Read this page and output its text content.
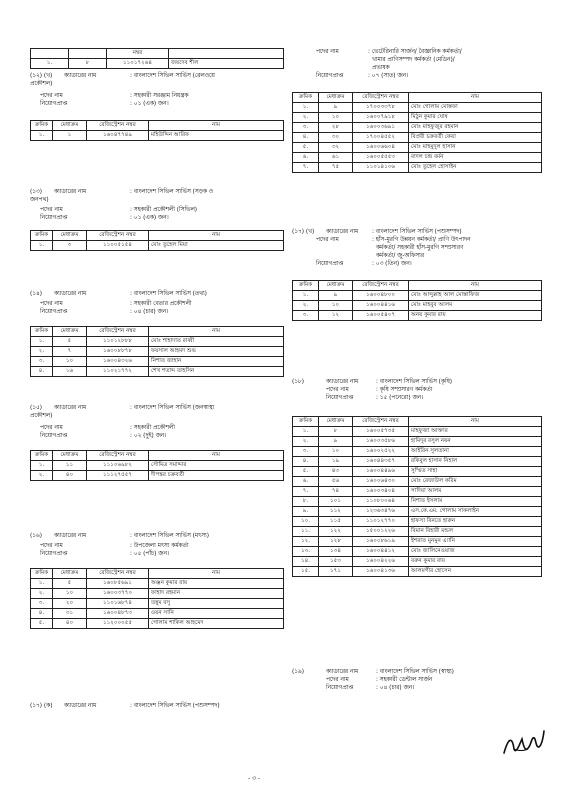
		নম্বর	
১.	৮	১১০১৭২৬৪	জয়দেব শীল
(১২) (খ) ক্যাডারের নাম	: বাংলাদেশ সিভিল সার্ভিস (রেলওয়ে
প্রকৌশল)
পদের নাম	: সহকারী সরঞ্জাম নিয়ন্ত্রক
নিয়োগপ্রাপ্ত	: ০১ (এক) জন।
ক্রমিক	মেধাক্রম	রেজিস্ট্রেশন নম্বর	নাম
১.	১	১৬০৪৭৭৪৯	মহিউদ্দিন আরিফ
(১৩) ক্যাডারের নাম	: বাংলাদেশ সিভিল সার্ভিস (সড়ক ও
জনপথ)
পদের নাম	: সহকারী প্রকৌশলী (সিভিল)
নিয়োগপ্রাপ্ত	: ০১ (এক) জন।
ক্রমিক	মেধাক্রম	রেজিস্ট্রেশন নম্বর	নাম
১.	৩	১১০০৫১৫৪	মোঃ তুহেল মিয়া
(১৪) ক্যাডারের নাম	: বাংলাদেশ সিভিল সার্ভিস (তথ্য)
পদের নাম	: সহকারী বেতার প্রকৌশলী
নিয়োগপ্রাপ্ত	: ০৪ (চার) জন।
ক্রমিক	মেধাক্রম	রেজিস্ট্রেশন নম্বর	নাম
১.	৫	১১০১২৮৮৮	মোঃ শাহাদাত রাব্বী
২.	৭	১৬০০৮৮৭৮	ফয়সাল আহমদ শুভ
৩.	১০	১৬০০৪৩২৬	নিশাত জাহান
৪.	১৬	১১০২১৭৭২	শেখ শতাব্দ তাহসিন
(১৫) ক্যাডারের নাম	: বাংলাদেশ সিভিল সার্ভিস (জনস্বাস্থ্য
প্রকৌশল)
পদের নাম	: সহকারী প্রকৌশলী
নিয়োগপ্রাপ্ত	: ০২ (দুই) জন।
ক্রমিক	মেধাক্রম	রেজিস্ট্রেশন নম্বর	নাম
১.	১১	১১১০৬৯৮২	সৌমিত্র সমাদ্দার
২.	৪০	১১১২৭৫৫৭	দীপঙ্কর চক্রবর্তী
(১৬) ক্যাডারের নাম	: বাংলাদেশ সিভিল সার্ভিস (মৎস্য)
পদের নাম	: উপজেলা মৎস্য কর্মকর্তা
নিয়োগপ্রাপ্ত	: ০৫ (পাঁচ) জন।
ক্রমিক	মেধাক্রম	রেজিস্ট্রেশন নম্বর	নাম
১.	৫	১৬০৮৫৬৯১	অঞ্জন কুমার রায়
২.	১০	১৬০০৩৭৭০	ফাহাদ রহমান
৩.	২০	১১০১৬৮৭৪	তন্নুম বসু
৪.	৩১	১৬০০৪৮৭৩	ওয়ন সানি
৫.	৪০	১১২০০০৫৫	গোলাম শাকিল আহমেদ
(১৭) (ক) ক্যাডারের নাম	: বাংলাদেশ সিভিল সার্ভিস (পশুসম্পদ)
পদের নাম	: ভেটেরিনারি সার্জন/ বৈজ্ঞানিক কর্মকর্তা/
খামার প্রাণিসম্পদ কর্মকর্তা (মেডিন)/
প্রভাষক
নিয়োগপ্রাপ্ত	: ০৭ (সাত) জন।
ক্রমিক	মেধাক্রম	রেজিস্ট্রেশন নম্বর	নাম
১.	৯	১৭০০৩৩৭৮	মোঃ গোলাম মোস্তফা
২.	১০	১৬০০৭৯১৮	মিঠুন কুমার ঘোষ
৩.	২৮	১৬০০৩৬৯১	মোঃ মাহফুজুর রহমান
৪.	৩০	১৭০০৪৫৫২	বিপ্রবী চক্রবর্তী কেয়া
৫.	৩২	১৬০০৬৬০৪	মোঃ মাহমুদুল হাসান
৬.	৬১	১৬০০৫৫৫৩	বাদল চন্দ্র বর্মন
৭.	৭৫	১১০১৪১০৬	মোঃ তুহেল হোসাইন
(১৭) (খ) ক্যাডারের নাম : বাংলাদেশ সিভিল সার্ভিস (পশুসম্পদ)
পদের নাম	: হাঁস-মুরগি উন্নয়ন কর্মকর্তা/ প্রাণি উৎপাদন
কর্মকর্তা/ সহকারী হাঁস-মুরগি সম্প্রসারণ
কর্মকর্তা/ জু-অফিসার
নিয়োগপ্রাপ্ত	: ০৩ (তিন) জন।
ক্রমিক	মেধাক্রম	রেজিস্ট্রেশন নম্বর	নাম
১.	৯	১৬০০৪৮০০	মোঃ আব্দুল্লাহ আল মোস্তাফিজ
২.	১০	১৬০০৪৪১৬	মোঃ মাহবুব আলম
৩.	১২	১৬০০৫৪০৭	অনয় কুমার রায়
(১৮)	ক্যাডারের নাম	: বাংলাদেশ সিভিল সার্ভিস (কৃষি)
পদের নাম	: কৃষি সম্প্রসারণ কর্মকর্তা
নিয়োগপ্রাপ্ত	: ১৫ (পনেরো) জন।
ক্রমিক	মেধাক্রম	রেজিস্ট্রেশন নম্বর	নাম
১.	৮	১৬০০৫৭৩৫	মাহফুজা আক্তার
২.	৯	১৬০০৩৫৮৬	হামিদুর রসুল নয়ন
৩.	১০	১৬০০২৫২২	আইরিন সুলতানা
৪.	১৯	১৬০৪৪৩৫৭	রকিবুল হাসান নিহাল
৫.	৪৩	১৬০০৪৪৯৬	সুস্মিত সাহা
৬.	৫৬	১৬০০৬৪৩০	মোঃ রেজাউল করিম
৭.	৭৪	১৬০০৩৪০৪	সাদিয়া আলম
৮.	১০১	১১০৮০০৬৪	নিশাত ইসলাম
৯.	১১২	১২৩৬৩৪৭৬	এস.কে.এম. গোলাম সাকলাইন
১০.	১১৫	১১০১২৭৭০	হাফসা বিনতে হারুন
১১.	১২২	১৫০০১২২৬	বিমান বিহারী মন্ডল
১২.	১২৮	১৬০০৮৬১৯	ইশরাত মুনমুন এ্যানি
১৩.	১৩৪	১৬০০৪৪১২	মোঃ জালিনেওয়াজ
১৪.	১৫৩	১৬০০৪২২৬	বরুন কুমার রায়
১৫.	১৭১	১৬০০৪১৩৬	আলমগীর হোসেন
(১৯)	ক্যাডারের নাম	: বাংলাদেশ সিভিল সার্ভিস (স্বাস্থ্য)
পদের নাম	: সহকারী ডেন্টাল সার্জন
নিয়োগপ্রাপ্ত	: ০৪ (চার) জন।
- ৩ -
